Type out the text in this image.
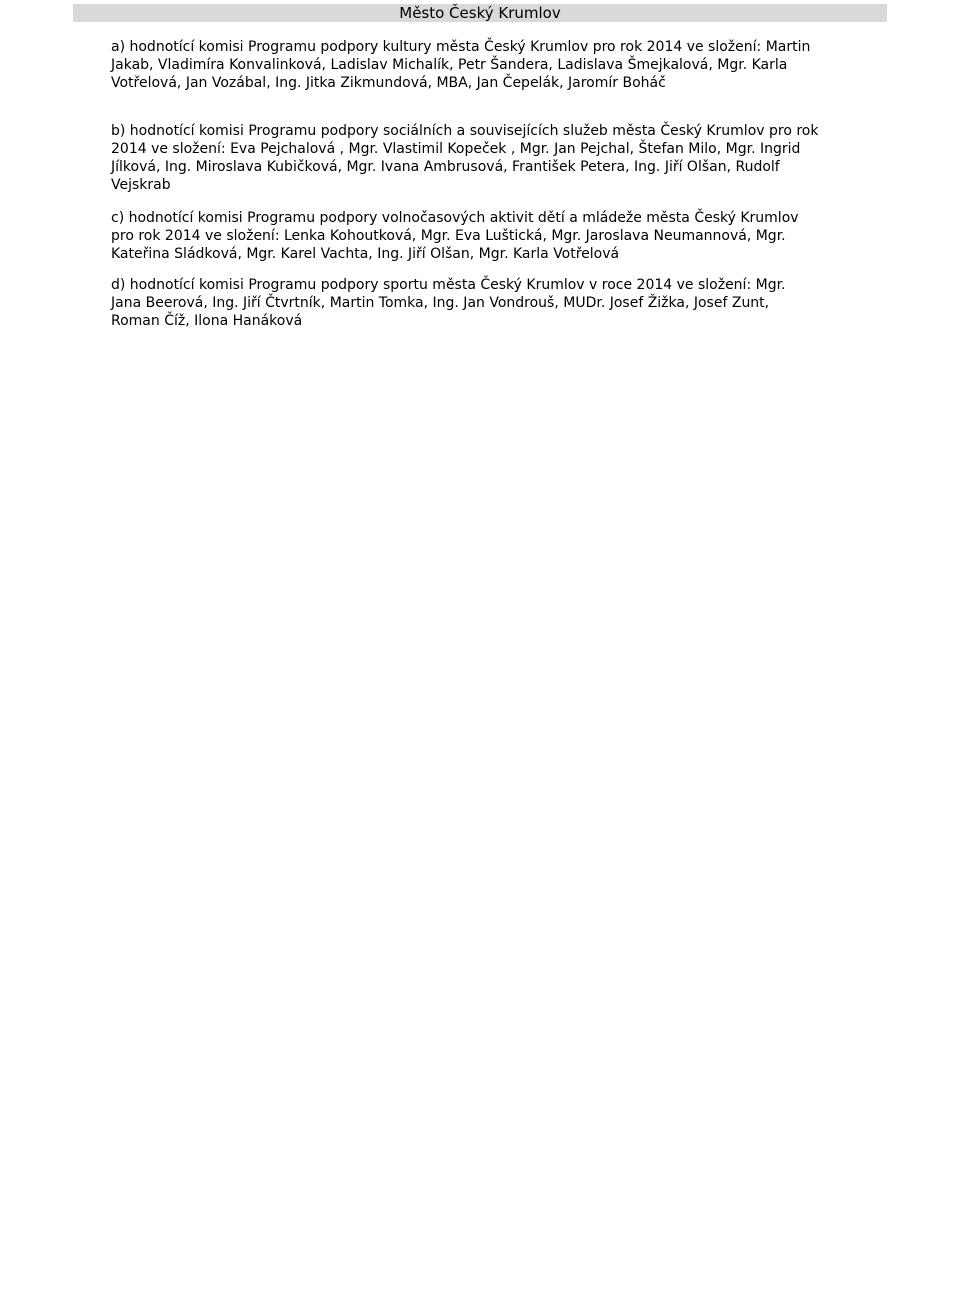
Město Český Krumlov
a) hodnotící komisi Programu podpory kultury města Český Krumlov pro rok 2014 ve složení: Martin
Jakab, Vladimíra Konvalinková, Ladislav Michalík, Petr Šandera, Ladislava Šmejkalová, Mgr. Karla
Votřelová, Jan Vozábal, Ing. Jitka Zikmundová, MBA, Jan Čepelák, Jaromír Boháč
b) hodnotící komisi Programu podpory sociálních a souvisejících služeb města Český Krumlov pro rok
2014 ve složení: Eva Pejchalová , Mgr. Vlastimil Kopeček , Mgr. Jan Pejchal, Štefan Milo, Mgr. Ingrid
Jílková, Ing. Miroslava Kubičková, Mgr. Ivana Ambrusová, František Petera, Ing. Jiří Olšan, Rudolf
Vejskrab
c) hodnotící komisi Programu podpory volnočasových aktivit dětí a mládeže města Český Krumlov
pro rok 2014 ve složení: Lenka Kohoutková, Mgr. Eva Luštická, Mgr. Jaroslava Neumannová, Mgr.
Kateřina Sládková, Mgr. Karel Vachta, Ing. Jiří Olšan, Mgr. Karla Votřelová
d) hodnotící komisi Programu podpory sportu města Český Krumlov v roce 2014 ve složení: Mgr.
Jana Beerová, Ing. Jiří Čtvrtník, Martin Tomka, Ing. Jan Vondrouš, MUDr. Josef Žižka, Josef Zunt,
Roman Číž, Ilona Hanáková
